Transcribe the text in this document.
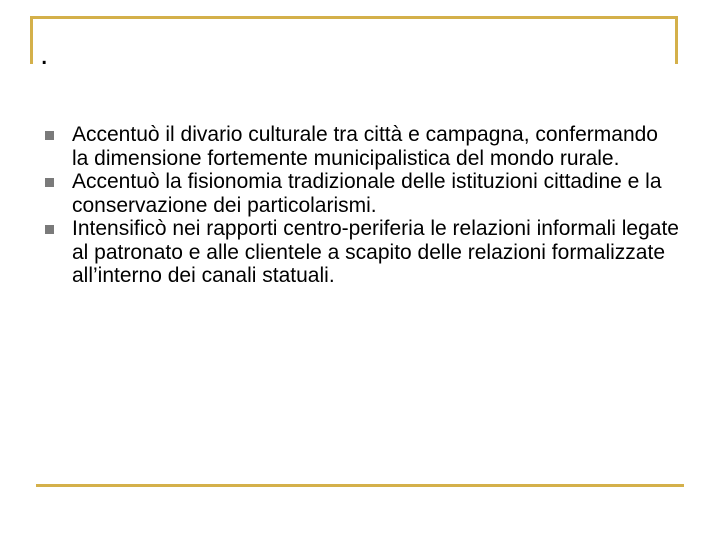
.
Accentuò il divario culturale tra città e campagna, confermando la dimensione fortemente municipalistica del mondo rurale.
Accentuò la fisionomia tradizionale delle istituzioni cittadine e la conservazione dei particolarismi.
Intensificò nei rapporti centro-periferia le relazioni informali legate al patronato e alle clientele a scapito delle relazioni formalizzate all’interno dei canali statuali.
